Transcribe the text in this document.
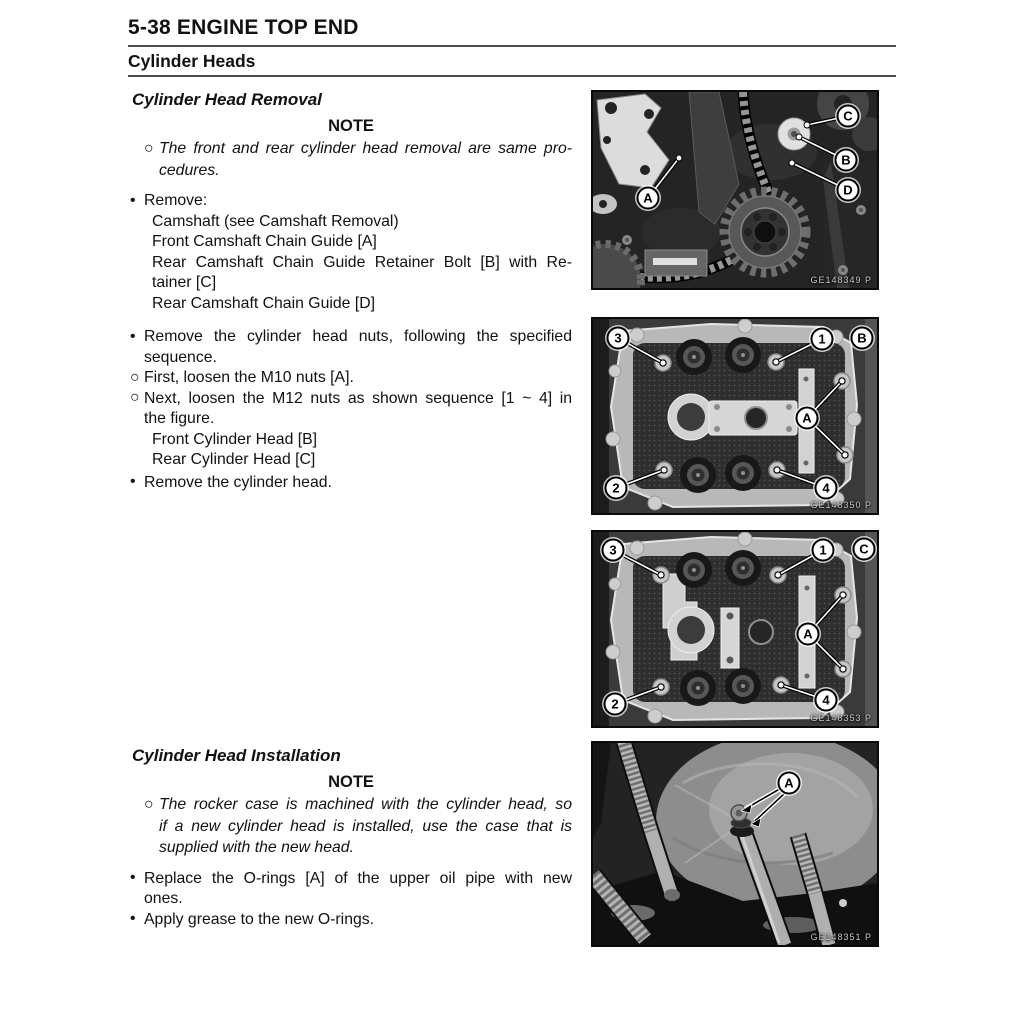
5-38 ENGINE TOP END
Cylinder Heads
Cylinder Head Removal
NOTE
○ The front and rear cylinder head removal are same pro-
cedures.
• Remove:
Camshaft (see Camshaft Removal)
Front Camshaft Chain Guide [A]
Rear Camshaft Chain Guide Retainer Bolt [B] with Re-
tainer [C]
Rear Camshaft Chain Guide [D]
• Remove the cylinder head nuts, following the specified
sequence.
○ First, loosen the M10 nuts [A].
○ Next, loosen the M12 nuts as shown sequence [1 ~ 4] in
the figure.
Front Cylinder Head [B]
Rear Cylinder Head [C]
• Remove the cylinder head.
Cylinder Head Installation
NOTE
○ The rocker case is machined with the cylinder head, so
if a new cylinder head is installed, use the case that is
supplied with the new head.
• Replace the O-rings [A] of the upper oil pipe with new
ones.
• Apply grease to the new O-rings.
A
C
B
D
GE148349 P
3	1	B
A
2	4
GE148350 P
3	1	C
A
2	4
GE148353 P
A
GE148351 P
